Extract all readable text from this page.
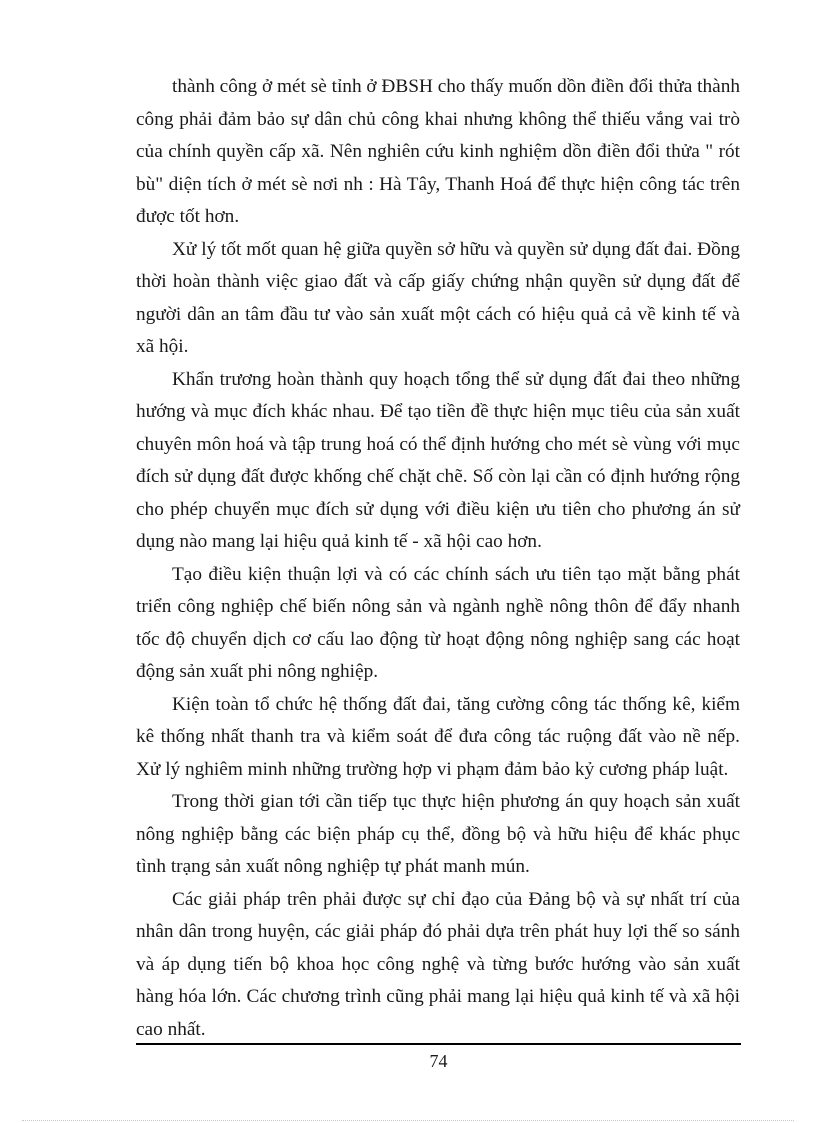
thành công ở mét sè tỉnh ở ĐBSH cho thấy muốn dồn điền đổi thửa thành công phải đảm bảo sự dân chủ công khai nhưng không thể thiếu vắng vai trò của chính quyền cấp xã. Nên nghiên cứu kinh nghiệm dồn điền đổi thửa " rót bù" diện tích ở mét sè nơi nh : Hà Tây, Thanh Hoá để thực hiện công tác trên được tốt hơn.

Xử lý tốt mốt quan hệ giữa quyền sở hữu và quyền sử dụng đất đai. Đồng thời hoàn thành việc giao đất và cấp giấy chứng nhận quyền sử dụng đất để người dân an tâm đầu tư vào sản xuất một cách có hiệu quả cả về kinh tế và xã hội.

Khẩn trương hoàn thành quy hoạch tổng thể sử dụng đất đai theo những hướng và mục đích khác nhau. Để tạo tiền đề thực hiện mục tiêu của sản xuất chuyên môn hoá và tập trung hoá có thể định hướng cho mét sè vùng với mục đích sử dụng đất được khống chế chặt chẽ. Số còn lại cần có định hướng rộng cho phép chuyển mục đích sử dụng với điều kiện ưu tiên cho phương án sử dụng nào mang lại hiệu quả kinh tế - xã hội cao hơn.

Tạo điều kiện thuận lợi và có các chính sách ưu tiên tạo mặt bằng phát triển công nghiệp chế biến nông sản và ngành nghề nông thôn để đẩy nhanh tốc độ chuyển dịch cơ cấu lao động từ hoạt động nông nghiệp sang các hoạt động sản xuất phi nông nghiệp.

Kiện toàn tổ chức hệ thống đất đai, tăng cường công tác thống kê, kiểm kê thống nhất thanh tra và kiểm soát để đưa công tác ruộng đất vào nề nếp. Xử lý nghiêm minh những trường hợp vi phạm đảm bảo kỷ cương pháp luật.

Trong thời gian tới cần tiếp tục thực hiện phương án quy hoạch sản xuất nông nghiệp bằng các biện pháp cụ thể, đồng bộ và hữu hiệu để khác phục tình trạng sản xuất nông nghiệp tự phát manh mún.

Các giải pháp trên phải được sự chỉ đạo của Đảng bộ và sự nhất trí của nhân dân trong huyện, các giải pháp đó phải dựa trên phát huy lợi thế so sánh và áp dụng tiến bộ khoa học công nghệ và từng bước hướng vào sản xuất hàng hóa lớn. Các chương trình cũng phải mang lại hiệu quả kinh tế và xã hội cao nhất.

74
